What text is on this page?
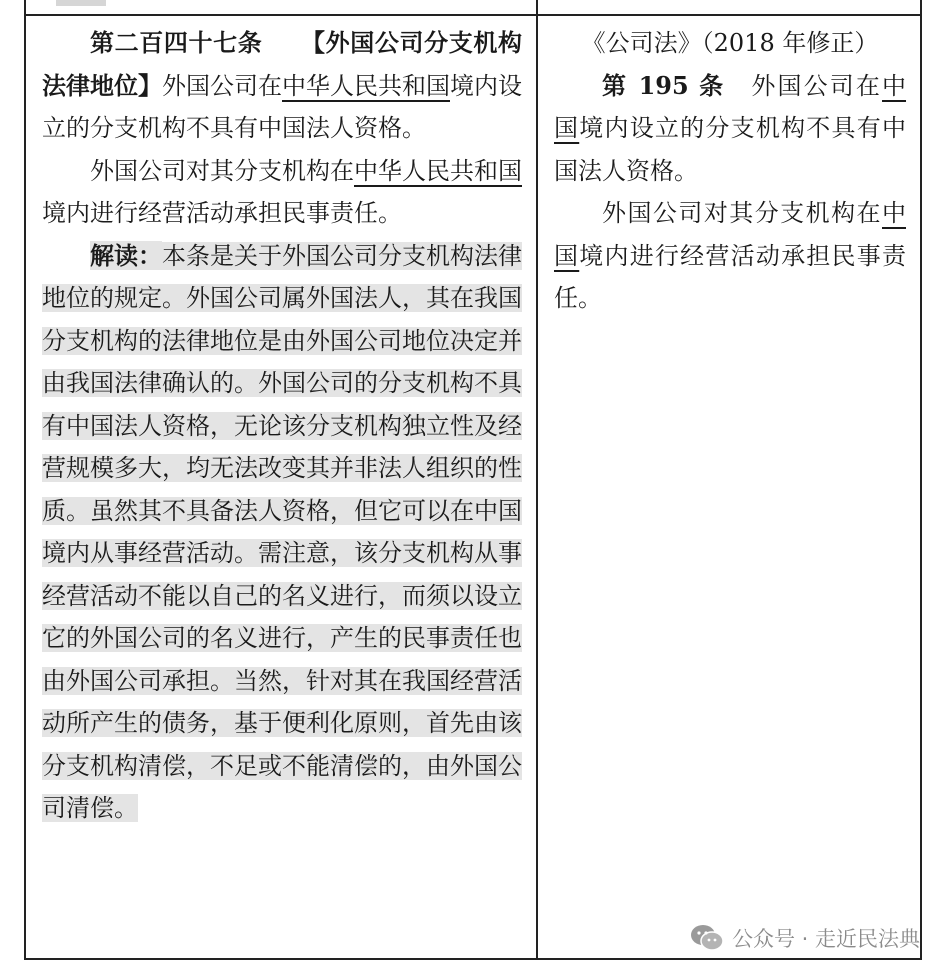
第二百四十七条 【外国公司分支机构法律地位】外国公司在中华人民共和国境内设立的分支机构不具有中国法人资格。

外国公司对其分支机构在中华人民共和国境内进行经营活动承担民事责任。

解读：本条是关于外国公司分支机构法律地位的规定。外国公司属外国法人，其在我国分支机构的法律地位是由外国公司地位决定并由我国法律确认的。外国公司的分支机构不具有中国法人资格，无论该分支机构独立性及经营规模多大，均无法改变其并非法人组织的性质。虽然其不具备法人资格，但它可以在中国境内从事经营活动。需注意，该分支机构从事经营活动不能以自己的名义进行，而须以设立它的外国公司的名义进行，产生的民事责任也由外国公司承担。当然，针对其在我国经营活动所产生的债务，基于便利化原则，首先由该分支机构清偿，不足或不能清偿的，由外国公司清偿。

《公司法》（2018 年修正）

第 195 条 外国公司在中国境内设立的分支机构不具有中国法人资格。

外国公司对其分支机构在中国境内进行经营活动承担民事责任。

公众号 · 走近民法典
